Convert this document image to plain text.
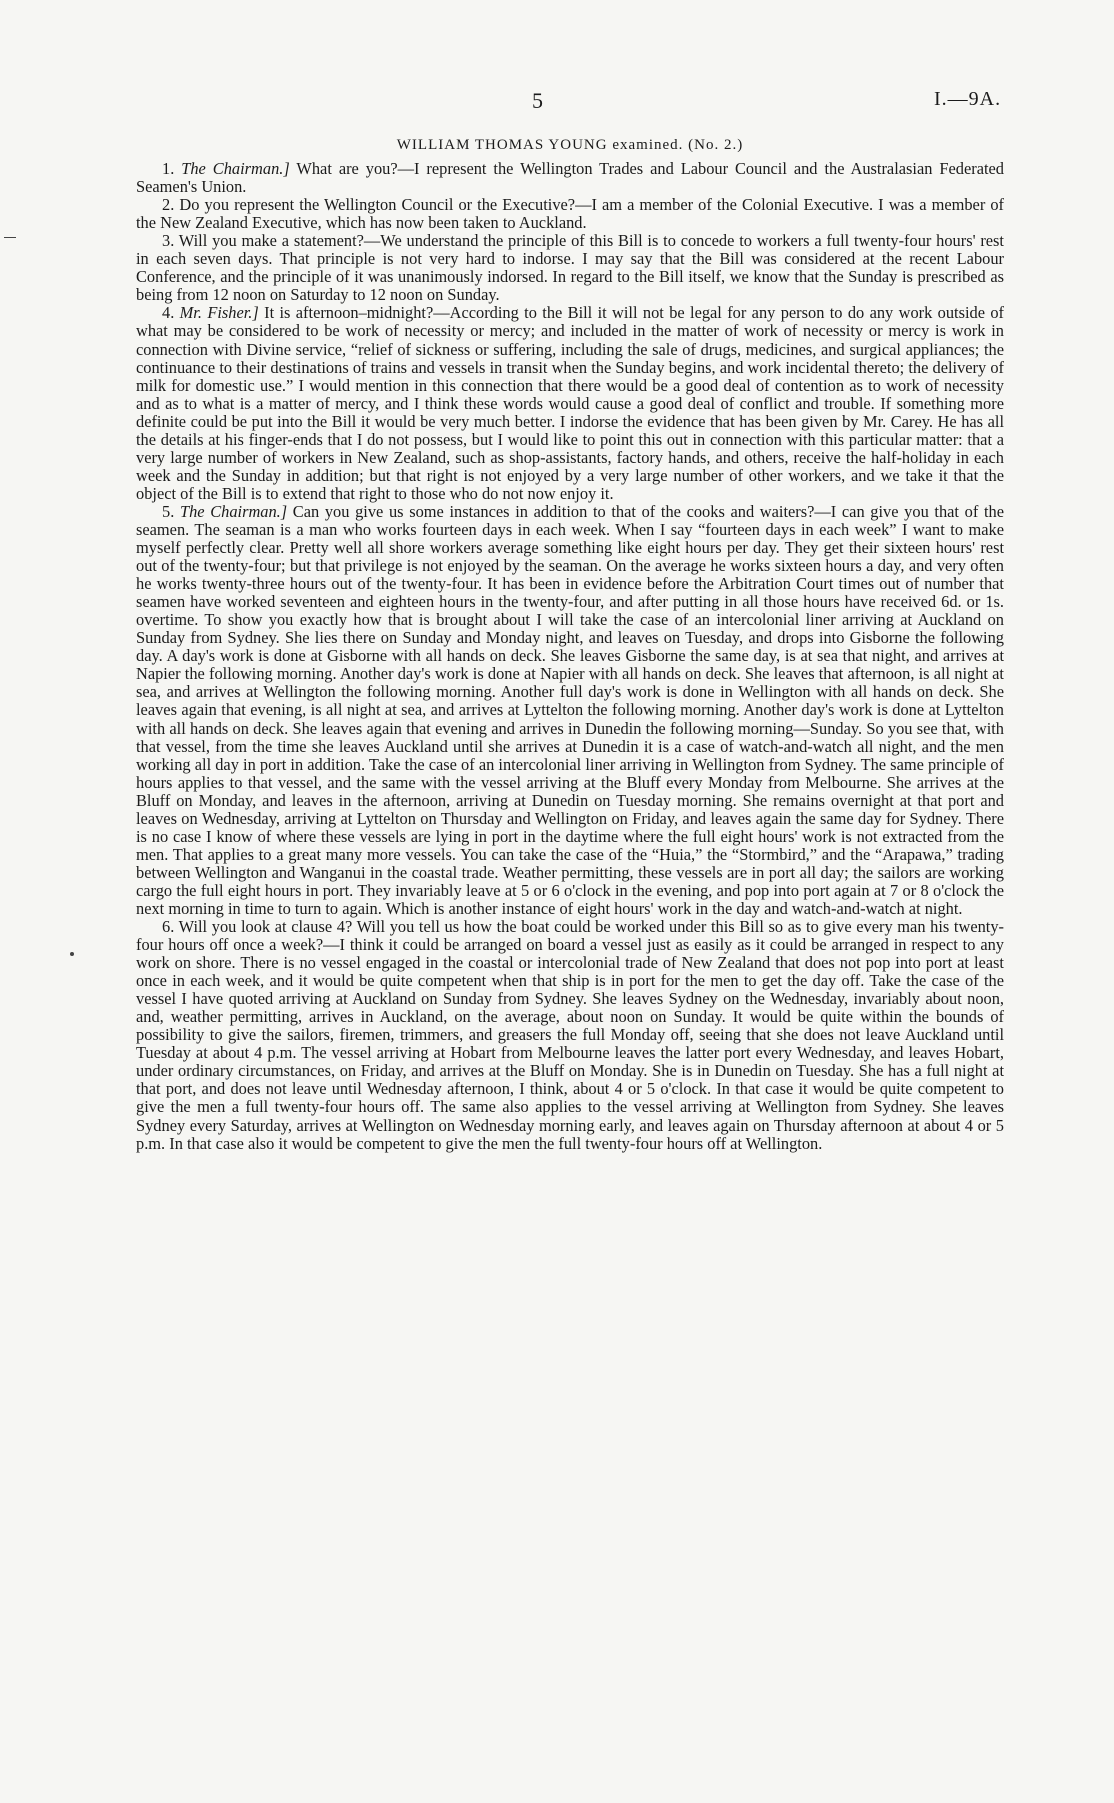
5	I.—9A.

WILLIAM THOMAS YOUNG examined. (No. 2.)

1. The Chairman.] What are you?—I represent the Wellington Trades and Labour Council and the Australasian Federated Seamen's Union.

2. Do you represent the Wellington Council or the Executive?—I am a member of the Colonial Executive. I was a member of the New Zealand Executive, which has now been taken to Auckland.

3. Will you make a statement?—We understand the principle of this Bill is to concede to workers a full twenty-four hours' rest in each seven days. That principle is not very hard to indorse. I may say that the Bill was considered at the recent Labour Conference, and the principle of it was unanimously indorsed. In regard to the Bill itself, we know that the Sunday is prescribed as being from 12 noon on Saturday to 12 noon on Sunday.

4. Mr. Fisher.] It is afternoon–midnight?—According to the Bill it will not be legal for any person to do any work outside of what may be considered to be work of necessity or mercy; and included in the matter of work of necessity or mercy is work in connection with Divine service, “relief of sickness or suffering, including the sale of drugs, medicines, and surgical appliances; the continuance to their destinations of trains and vessels in transit when the Sunday begins, and work incidental thereto; the delivery of milk for domestic use.” I would mention in this connection that there would be a good deal of contention as to work of necessity and as to what is a matter of mercy, and I think these words would cause a good deal of conflict and trouble. If something more definite could be put into the Bill it would be very much better. I indorse the evidence that has been given by Mr. Carey. He has all the details at his finger-ends that I do not possess, but I would like to point this out in connection with this particular matter: that a very large number of workers in New Zealand, such as shop-assistants, factory hands, and others, receive the half-holiday in each week and the Sunday in addition; but that right is not enjoyed by a very large number of other workers, and we take it that the object of the Bill is to extend that right to those who do not now enjoy it.

5. The Chairman.] Can you give us some instances in addition to that of the cooks and waiters?—I can give you that of the seamen. The seaman is a man who works fourteen days in each week. When I say “fourteen days in each week” I want to make myself perfectly clear. Pretty well all shore workers average something like eight hours per day. They get their sixteen hours' rest out of the twenty-four; but that privilege is not enjoyed by the seaman. On the average he works sixteen hours a day, and very often he works twenty-three hours out of the twenty-four. It has been in evidence before the Arbitration Court times out of number that seamen have worked seventeen and eighteen hours in the twenty-four, and after putting in all those hours have received 6d. or 1s. overtime. To show you exactly how that is brought about I will take the case of an intercolonial liner arriving at Auckland on Sunday from Sydney. She lies there on Sunday and Monday night, and leaves on Tuesday, and drops into Gisborne the following day. A day's work is done at Gisborne with all hands on deck. She leaves Gisborne the same day, is at sea that night, and arrives at Napier the following morning. Another day's work is done at Napier with all hands on deck. She leaves that afternoon, is all night at sea, and arrives at Wellington the following morning. Another full day's work is done in Wellington with all hands on deck. She leaves again that evening, is all night at sea, and arrives at Lyttelton the following morning. Another day's work is done at Lyttelton with all hands on deck. She leaves again that evening and arrives in Dunedin the following morning—Sunday. So you see that, with that vessel, from the time she leaves Auckland until she arrives at Dunedin it is a case of watch-and-watch all night, and the men working all day in port in addition. Take the case of an intercolonial liner arriving in Wellington from Sydney. The same principle of hours applies to that vessel, and the same with the vessel arriving at the Bluff every Monday from Melbourne. She arrives at the Bluff on Monday, and leaves in the afternoon, arriving at Dunedin on Tuesday morning. She remains overnight at that port and leaves on Wednesday, arriving at Lyttelton on Thursday and Wellington on Friday, and leaves again the same day for Sydney. There is no case I know of where these vessels are lying in port in the daytime where the full eight hours' work is not extracted from the men. That applies to a great many more vessels. You can take the case of the “Huia,” the “Stormbird,” and the “Arapawa,” trading between Wellington and Wanganui in the coastal trade. Weather permitting, these vessels are in port all day; the sailors are working cargo the full eight hours in port. They invariably leave at 5 or 6 o'clock in the evening, and pop into port again at 7 or 8 o'clock the next morning in time to turn to again. Which is another instance of eight hours' work in the day and watch-and-watch at night.

6. Will you look at clause 4? Will you tell us how the boat could be worked under this Bill so as to give every man his twenty-four hours off once a week?—I think it could be arranged on board a vessel just as easily as it could be arranged in respect to any work on shore. There is no vessel engaged in the coastal or intercolonial trade of New Zealand that does not pop into port at least once in each week, and it would be quite competent when that ship is in port for the men to get the day off. Take the case of the vessel I have quoted arriving at Auckland on Sunday from Sydney. She leaves Sydney on the Wednesday, invariably about noon, and, weather permitting, arrives in Auckland, on the average, about noon on Sunday. It would be quite within the bounds of possibility to give the sailors, firemen, trimmers, and greasers the full Monday off, seeing that she does not leave Auckland until Tuesday at about 4 p.m. The vessel arriving at Hobart from Melbourne leaves the latter port every Wednesday, and leaves Hobart, under ordinary circumstances, on Friday, and arrives at the Bluff on Monday. She is in Dunedin on Tuesday. She has a full night at that port, and does not leave until Wednesday afternoon, I think, about 4 or 5 o'clock. In that case it would be quite competent to give the men a full twenty-four hours off. The same also applies to the vessel arriving at Wellington from Sydney. She leaves Sydney every Saturday, arrives at Wellington on Wednesday morning early, and leaves again on Thursday afternoon at about 4 or 5 p.m. In that case also it would be competent to give the men the full twenty-four hours off at Wellington.
